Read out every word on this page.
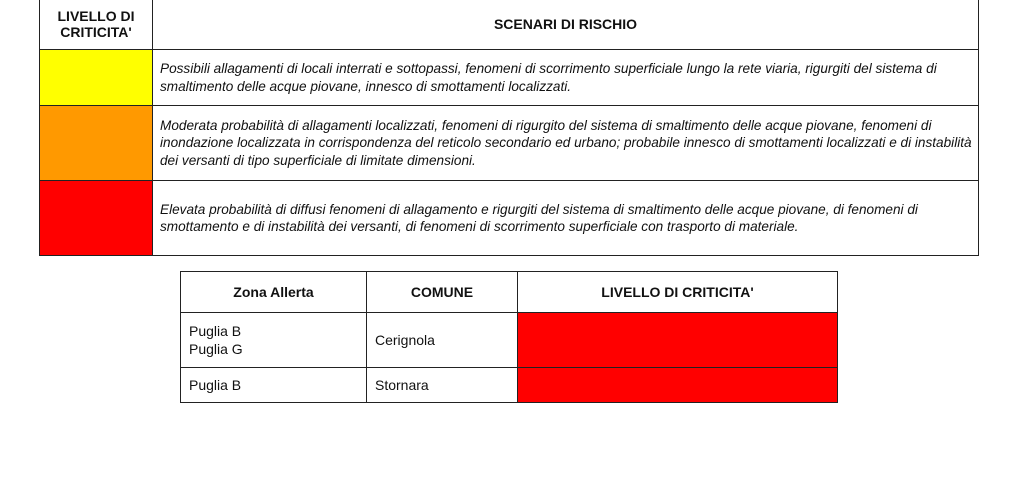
LIVELLO DI
CRITICITA'	SCENARI DI RISCHIO
	Possibili allagamenti di locali interrati e sottopassi, fenomeni di scorrimento superficiale lungo la rete viaria, rigurgiti del sistema di smaltimento delle acque piovane, innesco di smottamenti localizzati.
	Moderata probabilità di allagamenti localizzati, fenomeni di rigurgito del sistema di smaltimento delle acque piovane, fenomeni di inondazione localizzata in corrispondenza del reticolo secondario ed urbano; probabile innesco di smottamenti localizzati e di instabilità dei versanti di tipo superficiale di limitate dimensioni.
	Elevata probabilità di diffusi fenomeni di allagamento e rigurgiti del sistema di smaltimento delle acque piovane, di fenomeni di smottamento e di instabilità dei versanti, di fenomeni di scorrimento superficiale con trasporto di materiale.
Zona Allerta	COMUNE	LIVELLO DI CRITICITA'

Puglia B
Puglia G	Cerignola	

Puglia B	Stornara	
